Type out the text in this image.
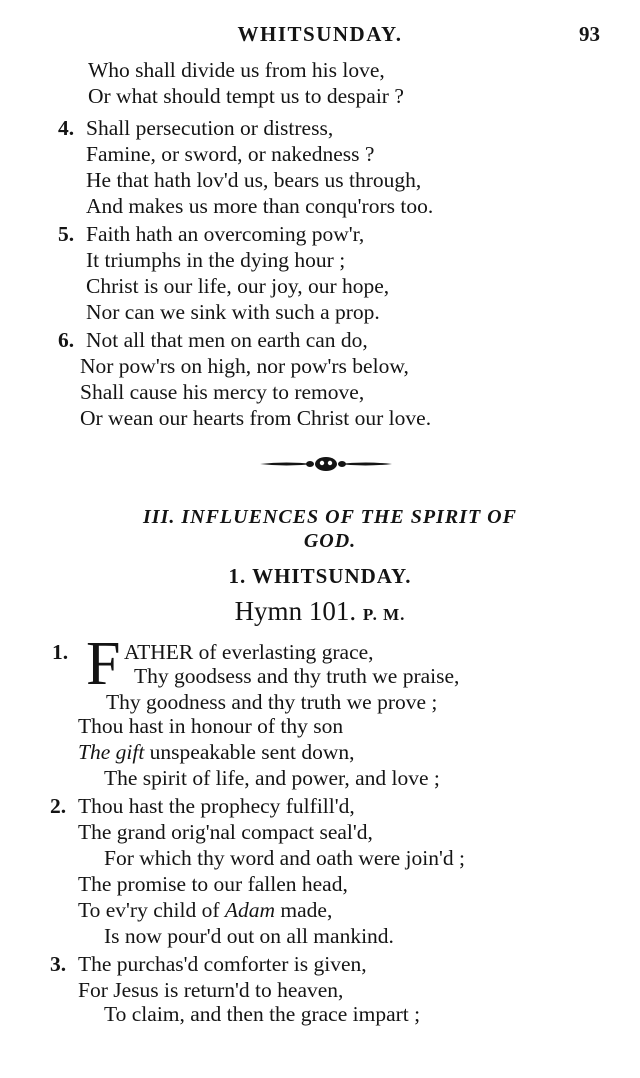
WHITSUNDAY.	93
Who shall divide us from his love,
Or what should tempt us to despair ?
4. Shall persecution or distress,
Famine, or sword, or nakedness ?
He that hath lov'd us, bears us through,
And makes us more than conqu'rors too.
5. Faith hath an overcoming pow'r,
It triumphs in the dying hour ;
Christ is our life, our joy, our hope,
Nor can we sink with such a prop.
6. Not all that men on earth can do,
Nor pow'rs on high, nor pow'rs below,
Shall cause his mercy to remove,
Or wean our hearts from Christ our love.
III. INFLUENCES OF THE SPIRIT OF
GOD.
1. WHITSUNDAY.
Hymn 101. P. M.
1. F ATHER of everlasting grace,
Thy goodsess and thy truth we praise,
Thy goodness and thy truth we prove ;
Thou hast in honour of thy son
The gift unspeakable sent down,
The spirit of life, and power, and love ;
2. Thou hast the prophecy fulfill'd,
The grand orig'nal compact seal'd,
For which thy word and oath were join'd ;
The promise to our fallen head,
To ev'ry child of Adam made,
Is now pour'd out on all mankind.
3. The purchas'd comforter is given,
For Jesus is return'd to heaven,
To claim, and then the grace impart ;
